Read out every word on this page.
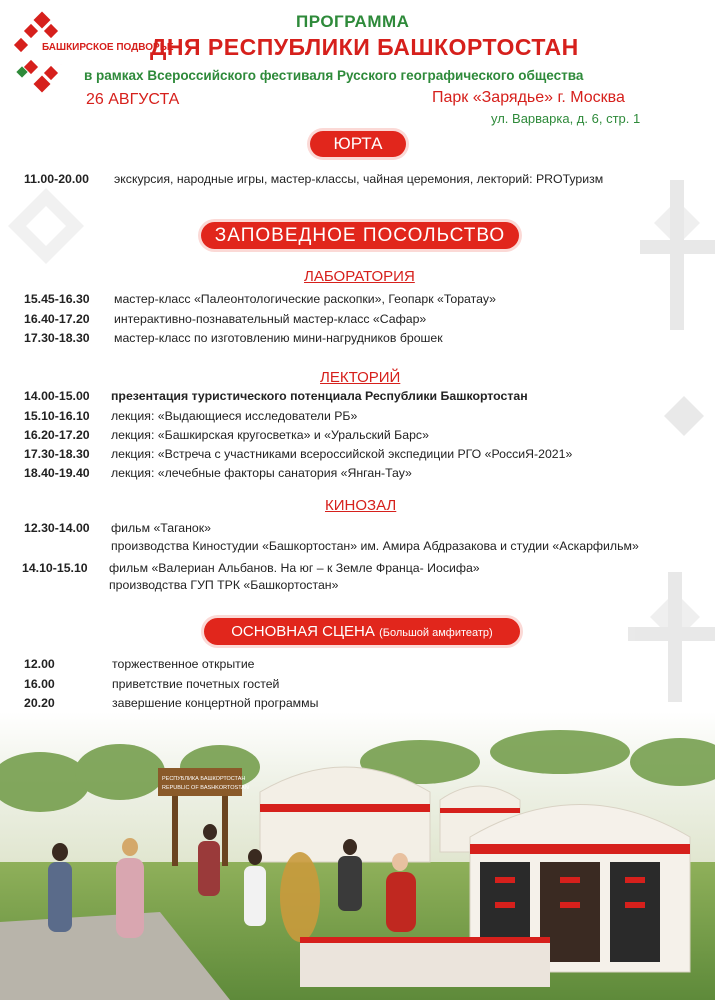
БАШКИРСКОЕ ПОДВОРЬЕ
ПРОГРАММА
ДНЯ РЕСПУБЛИКИ БАШКОРТОСТАН
в рамках Всероссийского фестиваля Русского географического общества
26 АВГУСТА	Парк «Зарядье» г. Москва
ул. Варварка, д. 6, стр. 1
ЮРТА
11.00-20.00 экскурсия, народные игры, мастер-классы, чайная церемония, лекторий: PROТуризм
ЗАПОВЕДНОЕ ПОСОЛЬСТВО
ЛАБОРАТОРИЯ
15.45-16.30 мастер-класс «Палеонтологические раскопки», Геопарк «Торатау»
16.40-17.20 интерактивно-познавательный мастер-класс «Сафар»
17.30-18.30 мастер-класс по изготовлению мини-нагрудников брошек
ЛЕКТОРИЙ
14.00-15.00 презентация туристического потенциала Республики Башкортостан
15.10-16.10 лекция: «Выдающиеся исследователи РБ»
16.20-17.20 лекция: «Башкирская кругосветка» и «Уральский Барс»
17.30-18.30 лекция: «Встреча с участниками всероссийской экспедиции РГО «РоссиЯ-2021»
18.40-19.40 лекция: «лечебные факторы санатория «Янган-Тау»
КИНОЗАЛ
12.30-14.00 фильм «Таганок»
производства Киностудии «Башкортостан» им. Амира Абдразакова и студии «Аскарфильм»
14.10-15.10 фильм «Валериан Альбанов. На юг – к Земле Франца- Иосифа»
производства ГУП ТРК «Башкортостан»
ОСНОВНАЯ СЦЕНА (Большой амфитеатр)
12.00	торжественное открытие
16.00	приветствие почетных гостей
20.20	завершение концертной программы
РЕСПУБЛИКА БАШКОРТОСТАН
REPUBLIC OF BASHKORTOSTAN
